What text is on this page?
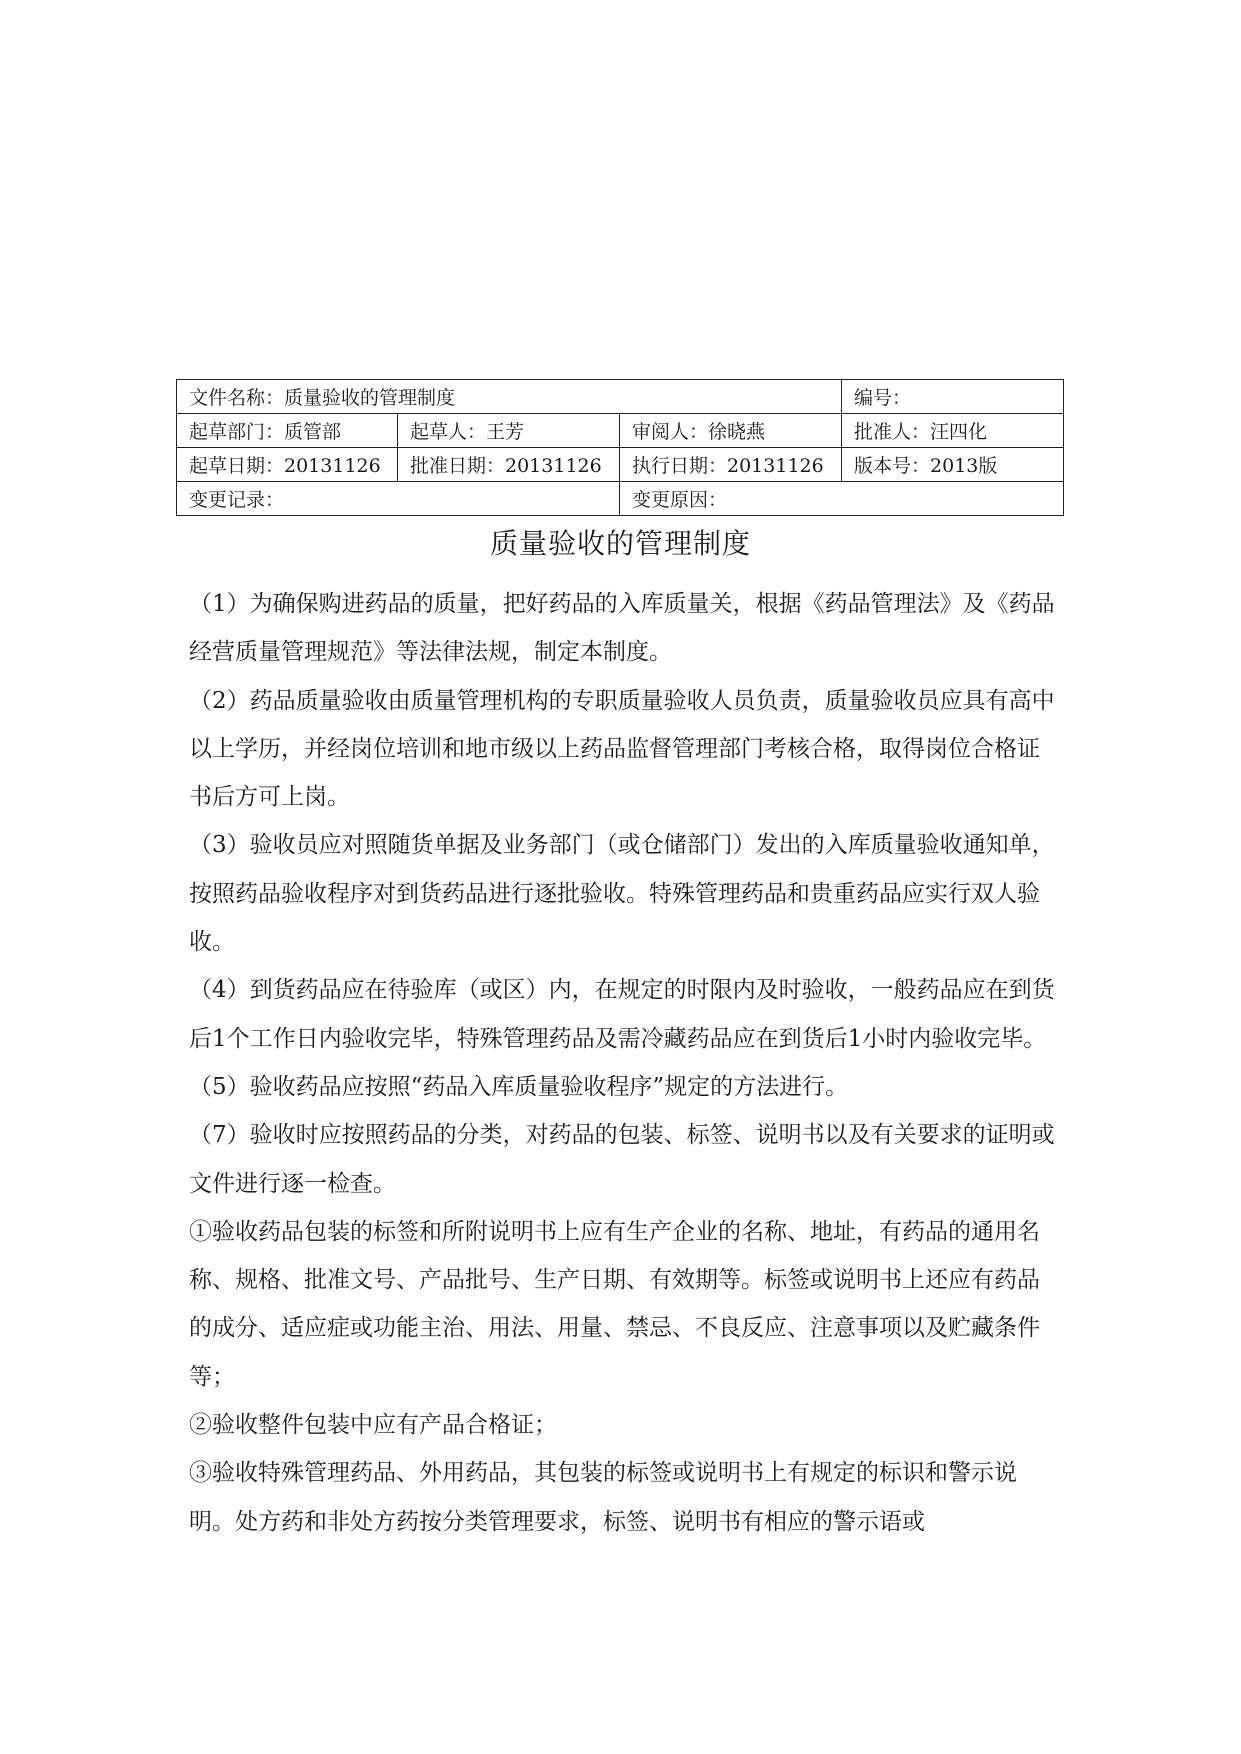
文件名称：质量验收的管理制度			编号：
起草部门：质管部	起草人：王芳	审阅人：徐晓燕	批准人：汪四化
起草日期：20131126	批准日期：20131126	执行日期：20131126	版本号：2013版
变更记录：		变更原因：	
质量验收的管理制度

（1）为确保购进药品的质量，把好药品的入库质量关，根据《药品管理法》及《药品经营质量管理规范》等法律法规，制定本制度。

（2）药品质量验收由质量管理机构的专职质量验收人员负责，质量验收员应具有高中以上学历，并经岗位培训和地市级以上药品监督管理部门考核合格，取得岗位合格证书后方可上岗。

（3）验收员应对照随货单据及业务部门（或仓储部门）发出的入库质量验收通知单，按照药品验收程序对到货药品进行逐批验收。特殊管理药品和贵重药品应实行双人验收。

（4）到货药品应在待验库（或区）内，在规定的时限内及时验收，一般药品应在到货后1个工作日内验收完毕，特殊管理药品及需冷藏药品应在到货后1小时内验收完毕。

（5）验收药品应按照“药品入库质量验收程序”规定的方法进行。

（7）验收时应按照药品的分类，对药品的包装、标签、说明书以及有关要求的证明或文件进行逐一检查。

①验收药品包装的标签和所附说明书上应有生产企业的名称、地址，有药品的通用名称、规格、批准文号、产品批号、生产日期、有效期等。标签或说明书上还应有药品的成分、适应症或功能主治、用法、用量、禁忌、不良反应、注意事项以及贮藏条件等；

②验收整件包装中应有产品合格证；

③验收特殊管理药品、外用药品，其包装的标签或说明书上有规定的标识和警示说明。处方药和非处方药按分类管理要求，标签、说明书有相应的警示语或
